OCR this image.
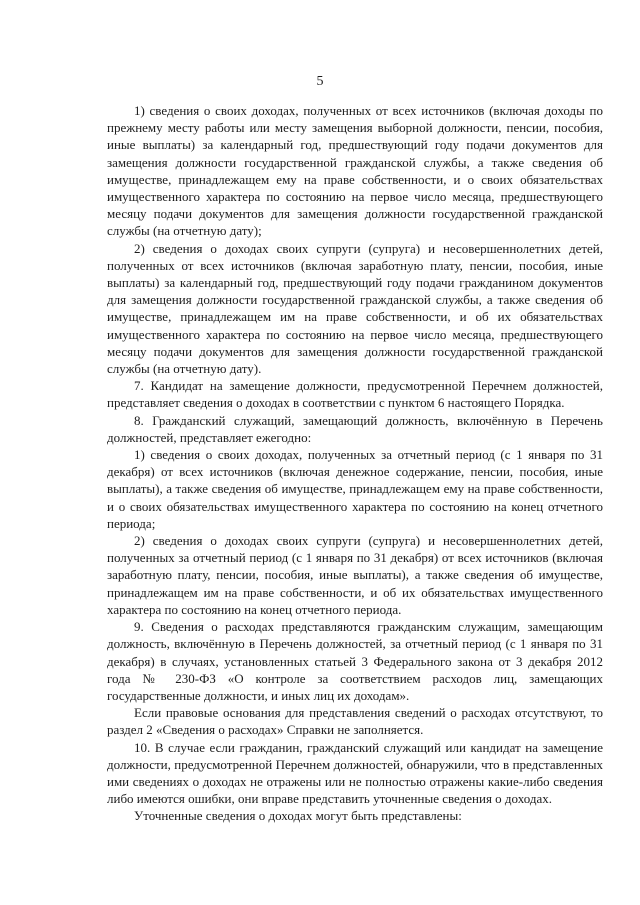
5

1) сведения о своих доходах, полученных от всех источников (включая доходы по прежнему месту работы или месту замещения выборной должности, пенсии, пособия, иные выплаты) за календарный год, предшествующий году подачи документов для замещения должности государственной гражданской службы, а также сведения об имуществе, принадлежащем ему на праве собственности, и о своих обязательствах имущественного характера по состоянию на первое число месяца, предшествующего месяцу подачи документов для замещения должности государственной гражданской службы (на отчетную дату);

2) сведения о доходах своих супруги (супруга) и несовершеннолетних детей, полученных от всех источников (включая заработную плату, пенсии, пособия, иные выплаты) за календарный год, предшествующий году подачи гражданином документов для замещения должности государственной гражданской службы, а также сведения об имуществе, принадлежащем им на праве собственности, и об их обязательствах имущественного характера по состоянию на первое число месяца, предшествующего месяцу подачи документов для замещения должности государственной гражданской службы (на отчетную дату).

7. Кандидат на замещение должности, предусмотренной Перечнем должностей, представляет сведения о доходах в соответствии с пунктом 6 настоящего Порядка.

8. Гражданский служащий, замещающий должность, включённую в Перечень должностей, представляет ежегодно:

1) сведения о своих доходах, полученных за отчетный период (с 1 января по 31 декабря) от всех источников (включая денежное содержание, пенсии, пособия, иные выплаты), а также сведения об имуществе, принадлежащем ему на праве собственности, и о своих обязательствах имущественного характера по состоянию на конец отчетного периода;

2) сведения о доходах своих супруги (супруга) и несовершеннолетних детей, полученных за отчетный период (с 1 января по 31 декабря) от всех источников (включая заработную плату, пенсии, пособия, иные выплаты), а также сведения об имуществе, принадлежащем им на праве собственности, и об их обязательствах имущественного характера по состоянию на конец отчетного периода.

9. Сведения о расходах представляются гражданским служащим, замещающим должность, включённую в Перечень должностей, за отчетный период (с 1 января по 31 декабря) в случаях, установленных статьей 3 Федерального закона от 3 декабря 2012 года № 230-ФЗ «О контроле за соответствием расходов лиц, замещающих государственные должности, и иных лиц их доходам».

Если правовые основания для представления сведений о расходах отсутствуют, то раздел 2 «Сведения о расходах» Справки не заполняется.

10. В случае если гражданин, гражданский служащий или кандидат на замещение должности, предусмотренной Перечнем должностей, обнаружили, что в представленных ими сведениях о доходах не отражены или не полностью отражены какие-либо сведения либо имеются ошибки, они вправе представить уточненные сведения о доходах.

Уточненные сведения о доходах могут быть представлены:
